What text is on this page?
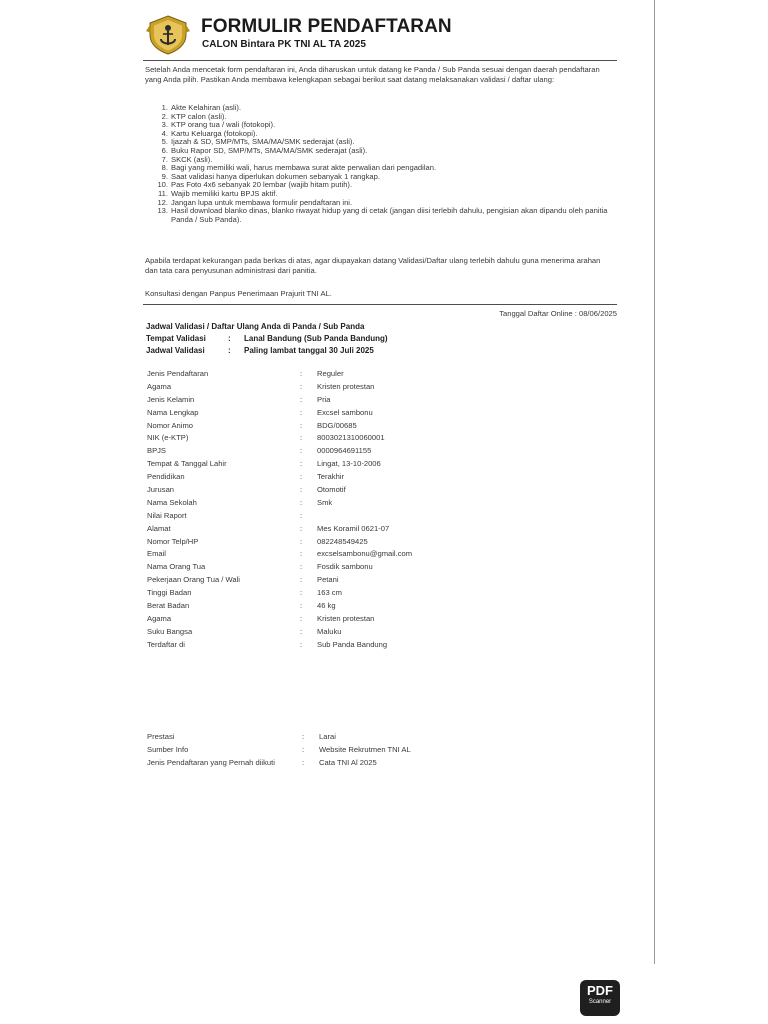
FORMULIR PENDAFTARAN
CALON Bintara PK TNI AL TA 2025
Setelah Anda mencetak form pendaftaran ini, Anda diharuskan untuk datang ke Panda / Sub Panda sesuai dengan daerah pendaftaran yang Anda pilih. Pastikan Anda membawa kelengkapan sebagai berikut saat datang melaksanakan validasi / daftar ulang:
1. Akte Kelahiran (asli).
2. KTP calon (asli).
3. KTP orang tua / wali (fotokopi).
4. Kartu Keluarga (fotokopi).
5. Ijazah & SD, SMP/MTs, SMA/MA/SMK sederajat (asli).
6. Buku Rapor SD, SMP/MTs, SMA/MA/SMK sederajat (asli).
7. SKCK (asli).
8. Bagi yang memiliki wali, harus membawa surat akte perwalian dari pengadilan.
9. Saat validasi hanya diperlukan dokumen sebanyak 1 rangkap.
10. Pas Foto 4x6 sebanyak 20 lembar (wajib hitam putih).
11. Wajib memiliki kartu BPJS aktif.
12. Jangan lupa untuk membawa formulir pendaftaran ini.
13. Hasil download blanko dinas, blanko riwayat hidup yang di cetak (jangan diisi terlebih dahulu, pengisian akan dipandu oleh panitia Panda / Sub Panda).
Apabila terdapat kekurangan pada berkas di atas, agar diupayakan datang Validasi/Daftar ulang terlebih dahulu guna menerima arahan dan tata cara penyusunan administrasi dari panitia.
Konsultasi dengan Panpus Penerimaan Prajurit TNI AL.
Tanggal Daftar Online : 08/06/2025
Jadwal Validasi / Daftar Ulang Anda di Panda / Sub Panda
Tempat Validasi	:	Lanal Bandung (Sub Panda Bandung)
Jadwal Validasi	:	Paling lambat tanggal 30 Juli 2025
Jenis Pendaftaran	:	Reguler
Agama	:	Kristen protestan
Jenis Kelamin	:	Pria
Nama Lengkap	:	Excsel sambonu
Nomor Animo	:	BDG/00685
NIK (e-KTP)	:	8003021310060001
BPJS	:	0000964691155
Tempat & Tanggal Lahir	:	Lingat, 13-10-2006
Pendidikan	:	Terakhir
Jurusan	:	Otomotif
Nama Sekolah	:	Smk
Nilai Raport	:
Alamat	:	Mes Koramil 0621-07
Nomor Telp/HP	:	082248549425
Email	:	excselsambonu@gmail.com
Nama Orang Tua	:	Fosdik sambonu
Pekerjaan Orang Tua / Wali	:	Petani
Tinggi Badan	:	163 cm
Berat Badan	:	46 kg
Agama	:	Kristen protestan
Suku Bangsa	:	Maluku
Terdaftar di	:	Sub Panda Bandung
Prestasi	:	Larai
Sumber Info	:	Website Rekrutmen TNI AL
Jenis Pendaftaran yang Pernah diikuti	:	Cata TNI Al 2025
PDF
Scanner
